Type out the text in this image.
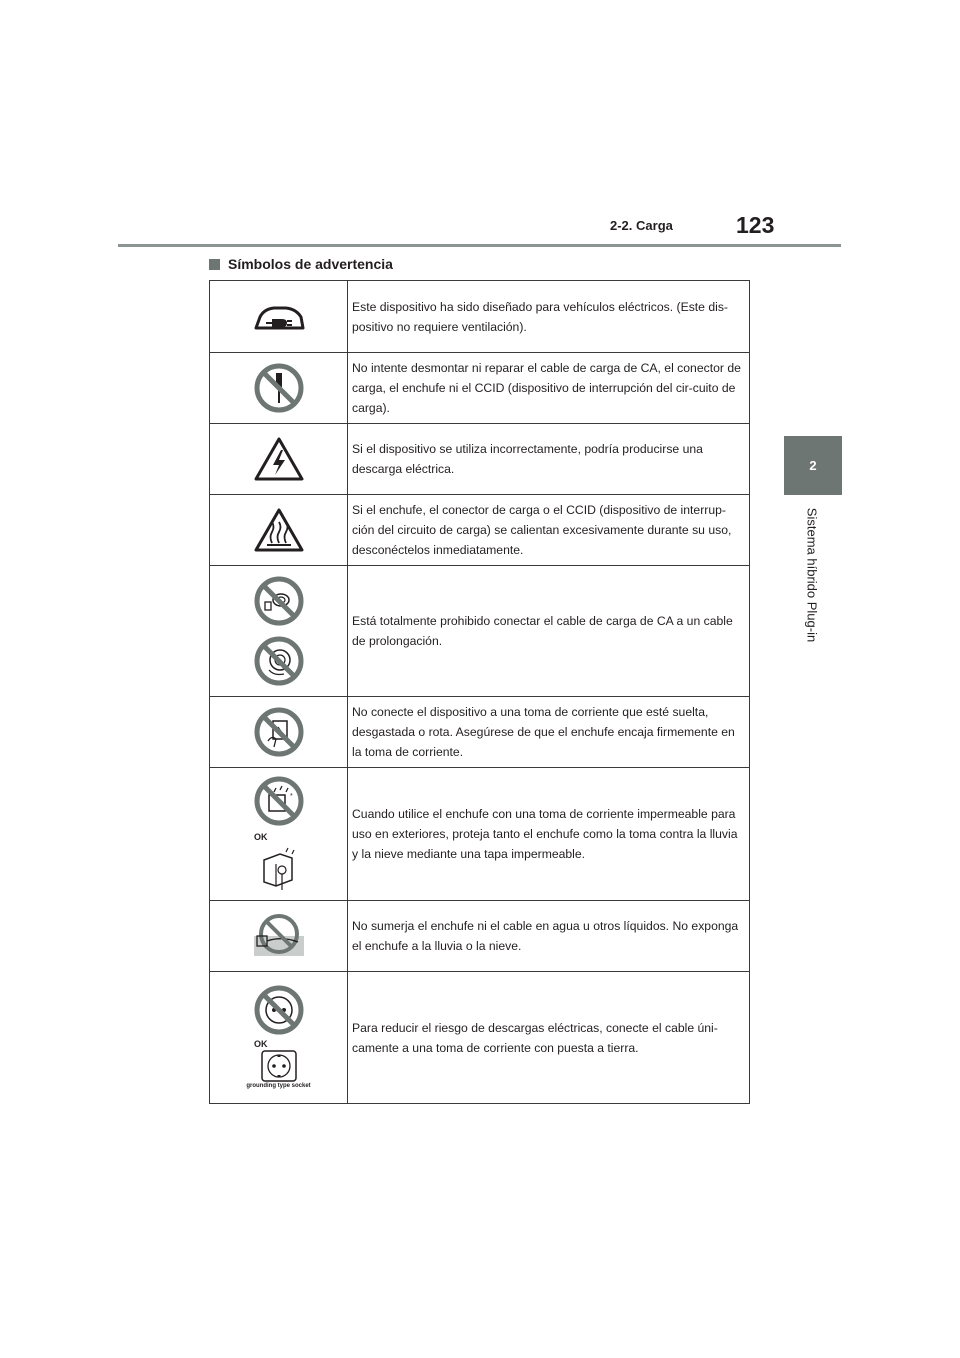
2-2. Carga	123
2
Sistema híbrido Plug-in
Símbolos de advertencia
	Este dispositivo ha sido diseñado para vehículos eléctricos. (Este dis-positivo no requiere ventilación).

	No intente desmontar ni reparar el cable de carga de CA, el conector de carga, el enchufe ni el CCID (dispositivo de interrupción del cir-cuito de carga).

	Si el dispositivo se utiliza incorrectamente, podría producirse una descarga eléctrica.

	Si el enchufe, el conector de carga o el CCID (dispositivo de interrup-ción del circuito de carga) se calientan excesivamente durante su uso, desconéctelos inmediatamente.

	Está totalmente prohibido conectar el cable de carga de CA a un cable de prolongación.

	No conecte el dispositivo a una toma de corriente que esté suelta, desgastada o rota. Asegúrese de que el enchufe encaja firmemente en la toma de corriente.

*
OK	Cuando utilice el enchufe con una toma de corriente impermeable para uso en exteriores, proteja tanto el enchufe como la toma contra la lluvia y la nieve mediante una tapa impermeable.

	No sumerja el enchufe ni el cable en agua u otros líquidos. No exponga el enchufe a la lluvia o la nieve.

OK
grounding type socket	Para reducir el riesgo de descargas eléctricas, conecte el cable úni-camente a una toma de corriente con puesta a tierra.
